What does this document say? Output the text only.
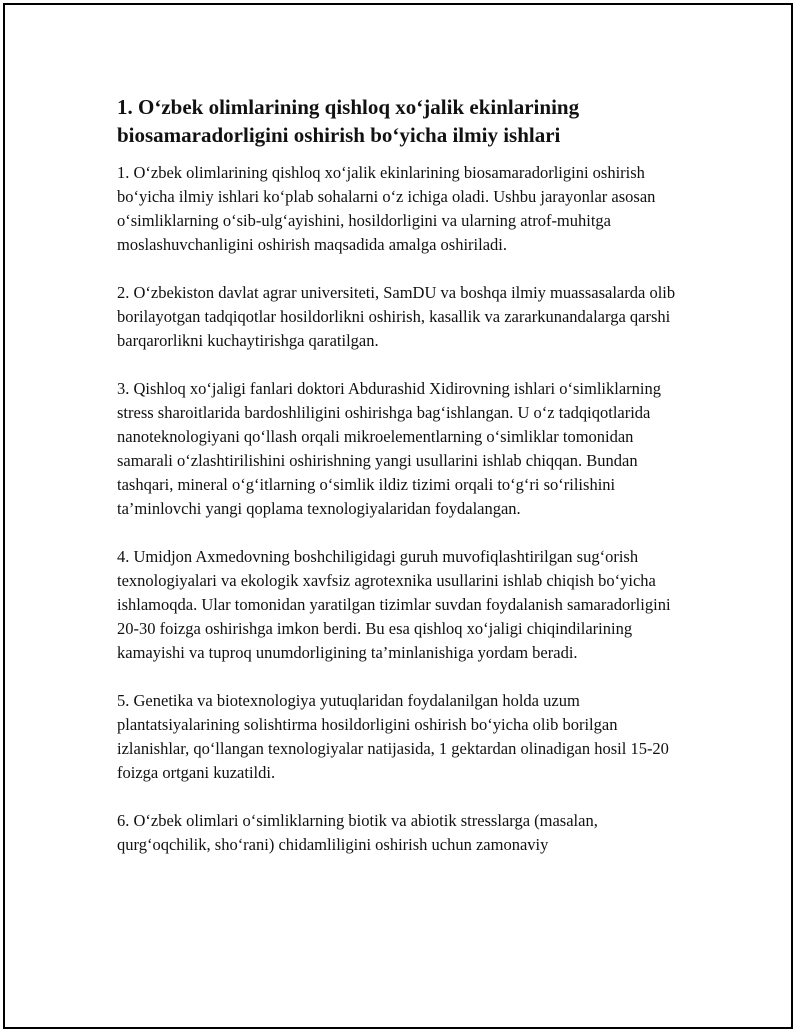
1. O‘zbek olimlarining qishloq xo‘jalik ekinlarining biosamaradorligini oshirish bo‘yicha ilmiy ishlari

1. O‘zbek olimlarining qishloq xo‘jalik ekinlarining biosamaradorligini oshirish bo‘yicha ilmiy ishlari ko‘plab sohalarni o‘z ichiga oladi. Ushbu jarayonlar asosan o‘simliklarning o‘sib-ulg‘ayishini, hosildorligini va ularning atrof-muhitga moslashuvchanligini oshirish maqsadida amalga oshiriladi.

2. O‘zbekiston davlat agrar universiteti, SamDU va boshqa ilmiy muassasalarda olib borilayotgan tadqiqotlar hosildorlikni oshirish, kasallik va zararkunandalarga qarshi barqarorlikni kuchaytirishga qaratilgan.

3. Qishloq xo‘jaligi fanlari doktori Abdurashid Xidirovning ishlari o‘simliklarning stress sharoitlarida bardoshliligini oshirishga bag‘ishlangan. U o‘z tadqiqotlarida nanoteknologiyani qo‘llash orqali mikroelementlarning o‘simliklar tomonidan samarali o‘zlashtirilishini oshirishning yangi usullarini ishlab chiqqan. Bundan tashqari, mineral o‘g‘itlarning o‘simlik ildiz tizimi orqali to‘g‘ri so‘rilishini ta’minlovchi yangi qoplama texnologiyalaridan foydalangan.

4. Umidjon Axmedovning boshchiligidagi guruh muvofiqlashtirilgan sug‘orish texnologiyalari va ekologik xavfsiz agrotexnika usullarini ishlab chiqish bo‘yicha ishlamoqda. Ular tomonidan yaratilgan tizimlar suvdan foydalanish samaradorligini 20-30 foizga oshirishga imkon berdi. Bu esa qishloq xo‘jaligi chiqindilarining kamayishi va tuproq unumdorligining ta’minlanishiga yordam beradi.

5. Genetika va biotexnologiya yutuqlaridan foydalanilgan holda uzum plantatsiyalarining solishtirma hosildorligini oshirish bo‘yicha olib borilgan izlanishlar, qo‘llangan texnologiyalar natijasida, 1 gektardan olinadigan hosil 15-20 foizga ortgani kuzatildi.

6. O‘zbek olimlari o‘simliklarning biotik va abiotik stresslarga (masalan, qurg‘oqchilik, sho‘rani) chidamliligini oshirish uchun zamonaviy
